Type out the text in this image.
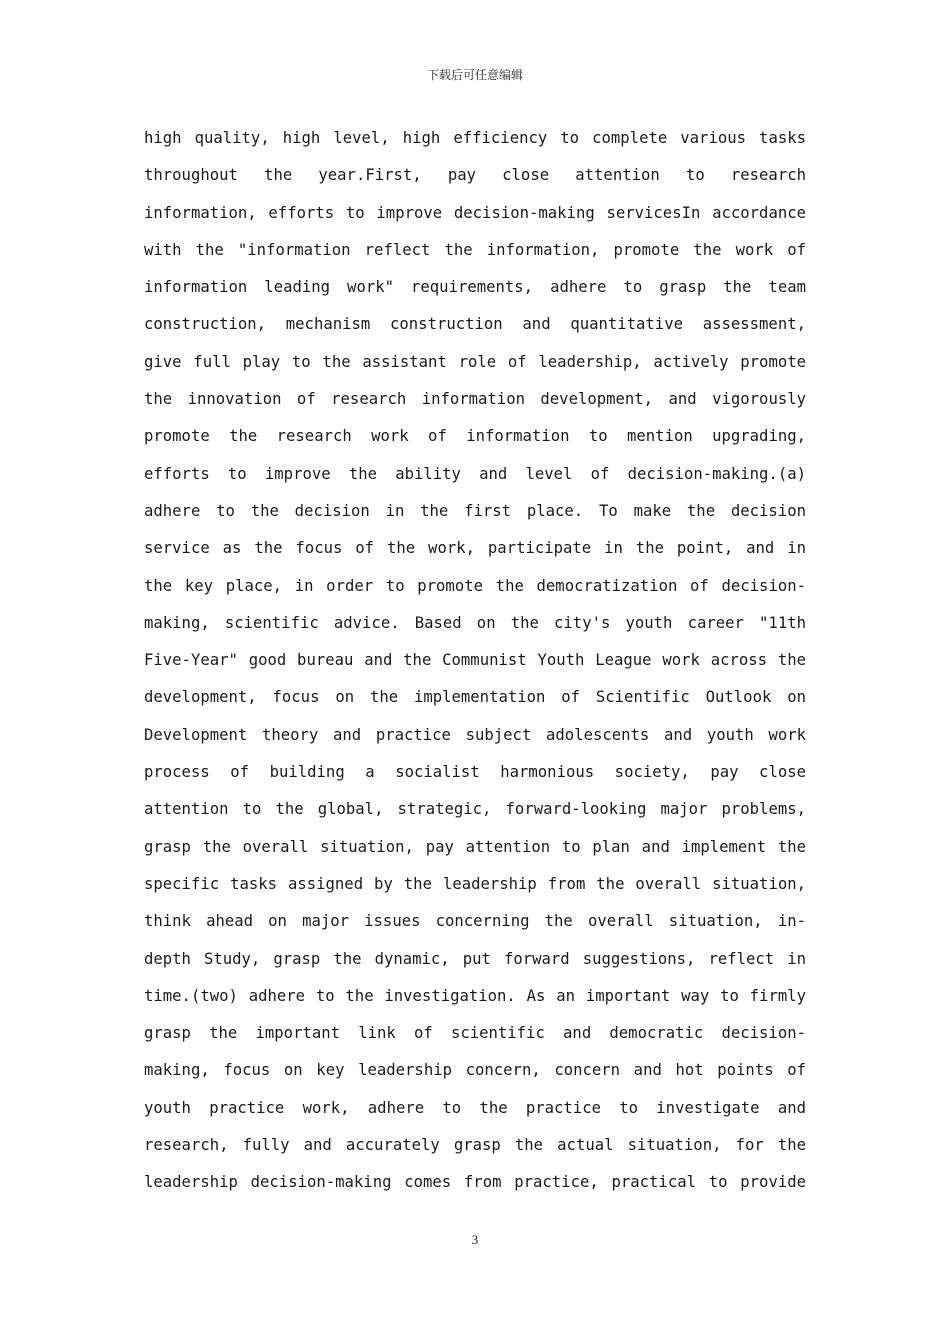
下载后可任意编辑

high quality, high level, high efficiency to complete various tasks
throughout the year.First, pay close attention to research
information, efforts to improve decision-making servicesIn accordance
with the "information reflect the information, promote the work of
information leading work" requirements, adhere to grasp the team
construction, mechanism construction and quantitative assessment,
give full play to the assistant role of leadership, actively promote
the innovation of research information development, and vigorously
promote the research work of information to mention upgrading,
efforts to improve the ability and level of decision-making.(a)
adhere to the decision in the first place. To make the decision
service as the focus of the work, participate in the point, and in
the key place, in order to promote the democratization of decision-
making, scientific advice. Based on the city's youth career "11th
Five-Year" good bureau and the Communist Youth League work across the
development, focus on the implementation of Scientific Outlook on
Development theory and practice subject adolescents and youth work
process of building a socialist harmonious society, pay close
attention to the global, strategic, forward-looking major problems,
grasp the overall situation, pay attention to plan and implement the
specific tasks assigned by the leadership from the overall situation,
think ahead on major issues concerning the overall situation, in-
depth Study, grasp the dynamic, put forward suggestions, reflect in
time.(two) adhere to the investigation. As an important way to firmly
grasp the important link of scientific and democratic decision-
making, focus on key leadership concern, concern and hot points of
youth practice work, adhere to the practice to investigate and
research, fully and accurately grasp the actual situation, for the
leadership decision-making comes from practice, practical to provide

3
